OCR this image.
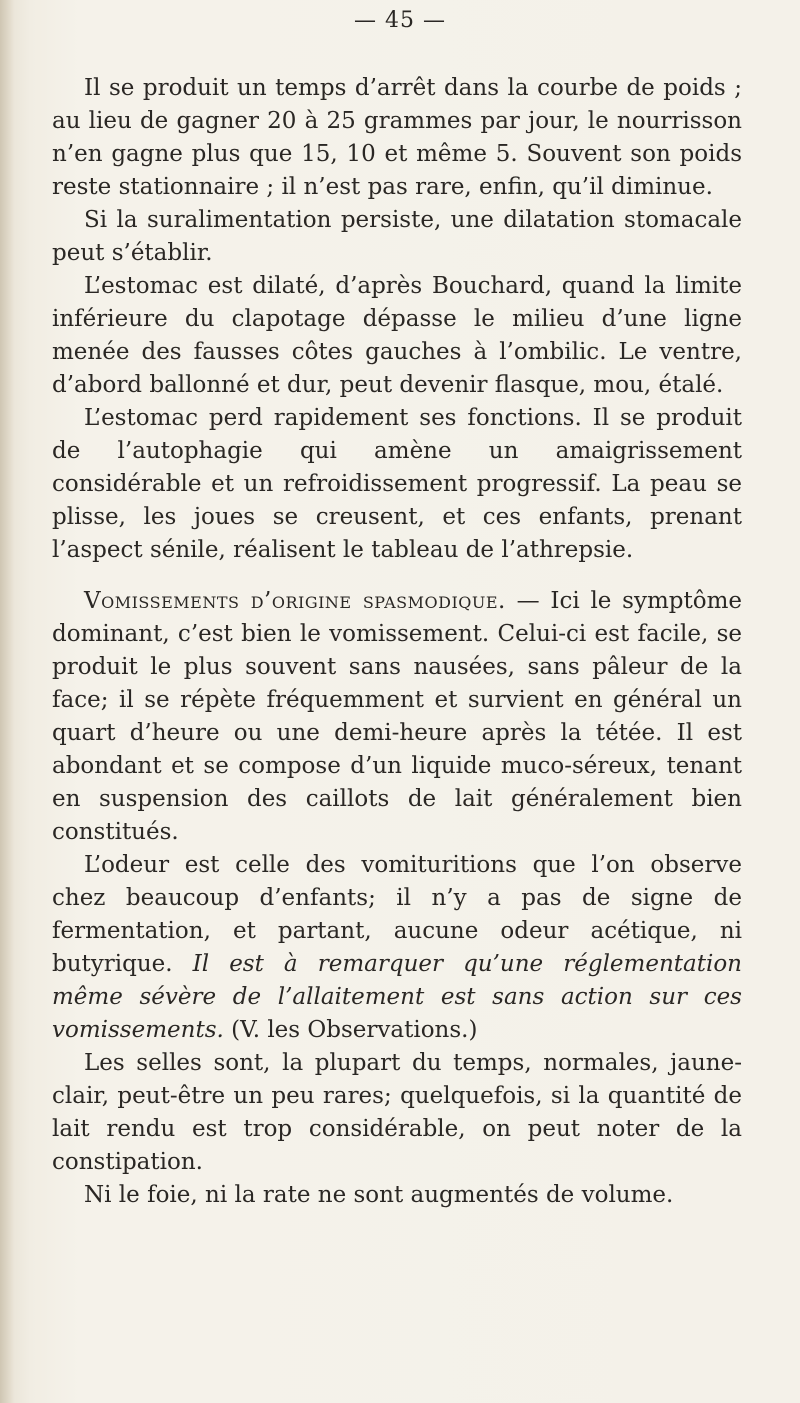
— 45 —

Il se produit un temps d’arrêt dans la courbe de poids ; au lieu de gagner 20 à 25 grammes par jour, le nourrisson n’en gagne plus que 15, 10 et même 5. Souvent son poids reste stationnaire ; il n’est pas rare, enfin, qu’il diminue.

Si la suralimentation persiste, une dilatation stomacale peut s’établir.

L’estomac est dilaté, d’après Bouchard, quand la limite inférieure du clapotage dépasse le milieu d’une ligne menée des fausses côtes gauches à l’ombilic. Le ventre, d’abord ballonné et dur, peut devenir flasque, mou, étalé.

L’estomac perd rapidement ses fonctions. Il se produit de l’autophagie qui amène un amaigrissement considérable et un refroidissement progressif. La peau se plisse, les joues se creusent, et ces enfants, prenant l’aspect sénile, réalisent le tableau de l’athrepsie.

Vomissements d’origine spasmodique. — Ici le symptôme dominant, c’est bien le vomissement. Celui-ci est facile, se produit le plus souvent sans nausées, sans pâleur de la face; il se répète fréquemment et survient en général un quart d’heure ou une demi-heure après la tétée. Il est abondant et se compose d’un liquide muco-séreux, tenant en suspension des caillots de lait généralement bien constitués.

L’odeur est celle des vomituritions que l’on observe chez beaucoup d’enfants; il n’y a pas de signe de fermentation, et partant, aucune odeur acétique, ni butyrique. Il est à remarquer qu’une réglementation même sévère de l’allaitement est sans action sur ces vomissements. (V. les Observations.)

Les selles sont, la plupart du temps, normales, jaune-clair, peut-être un peu rares; quelquefois, si la quantité de lait rendu est trop considérable, on peut noter de la constipation.

Ni le foie, ni la rate ne sont augmentés de volume.
